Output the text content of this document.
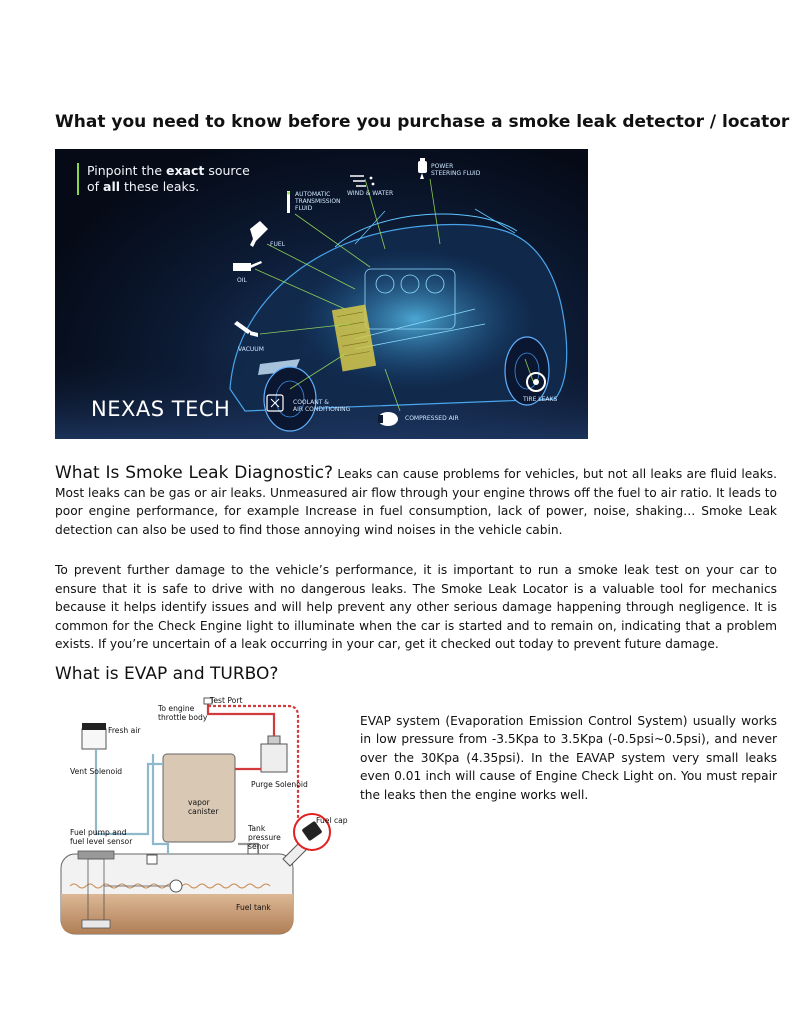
What you need to know before you purchase a smoke leak detector / locator
Pinpoint the exact source
of all these leaks.
NEXAS TECH
POWER
STEERING FLUID
WIND & WATER
AUTOMATIC
TRANSMISSION
FLUID
FUEL
OIL
VACUUM
COOLANT &
AIR CONDITIONING
COMPRESSED AIR
TIRE LEAKS

What Is Smoke Leak Diagnostic? Leaks can cause problems for vehicles, but not all leaks are fluid leaks. Most leaks can be gas or air leaks. Unmeasured air flow through your engine throws off the fuel to air ratio. It leads to poor engine performance, for example Increase in fuel consumption, lack of power, noise, shaking… Smoke Leak detection can also be used to find those annoying wind noises in the vehicle cabin.

To prevent further damage to the vehicle’s performance, it is important to run a smoke leak test on your car to ensure that it is safe to drive with no dangerous leaks. The Smoke Leak Locator is a valuable tool for mechanics because it helps identify issues and will help prevent any other serious damage happening through negligence. It is common for the Check Engine light to illuminate when the car is started and to remain on, indicating that a problem exists. If you’re uncertain of a leak occurring in your car, get it checked out today to prevent future damage.

What is EVAP and TURBO?
Test Port
To engine
throttle body
Fresh air
Vent Solenoid
Purge Solenoid
vapor
canister
Fuel pump and
fuel level sensor
Tank
pressure
senor
Fuel cap
Fuel tank

EVAP system (Evaporation Emission Control System) usually works in low pressure from -3.5Kpa to 3.5Kpa (-0.5psi~0.5psi), and never over the 30Kpa (4.35psi). In the EAVAP system very small leaks even 0.01 inch will cause of Engine Check Light on. You must repair the leaks then the engine works well.
